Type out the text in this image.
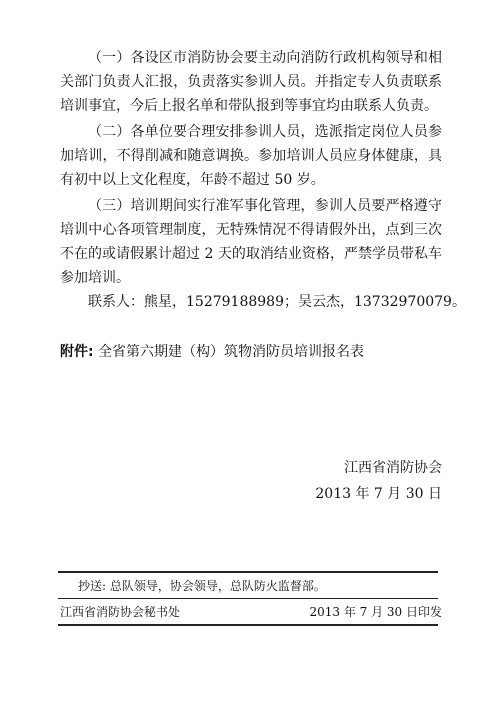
（一）各设区市消防协会要主动向消防行政机构领导和相关部门负责人汇报，负责落实参训人员。并指定专人负责联系培训事宜，今后上报名单和带队报到等事宜均由联系人负责。

（二）各单位要合理安排参训人员，选派指定岗位人员参加培训，不得削减和随意调换。参加培训人员应身体健康，具有初中以上文化程度，年龄不超过 50 岁。

（三）培训期间实行准军事化管理，参训人员要严格遵守培训中心各项管理制度，无特殊情况不得请假外出，点到三次不在的或请假累计超过 2 天的取消结业资格，严禁学员带私车参加培训。

联系人：熊星，15279188989；吴云杰，13732970079。
附件: 全省第六期建（构）筑物消防员培训报名表
江西省消防协会
2013 年 7 月 30 日
抄送: 总队领导，协会领导，总队防火监督部。
江西省消防协会秘书处	2013 年 7 月 30 日印发
